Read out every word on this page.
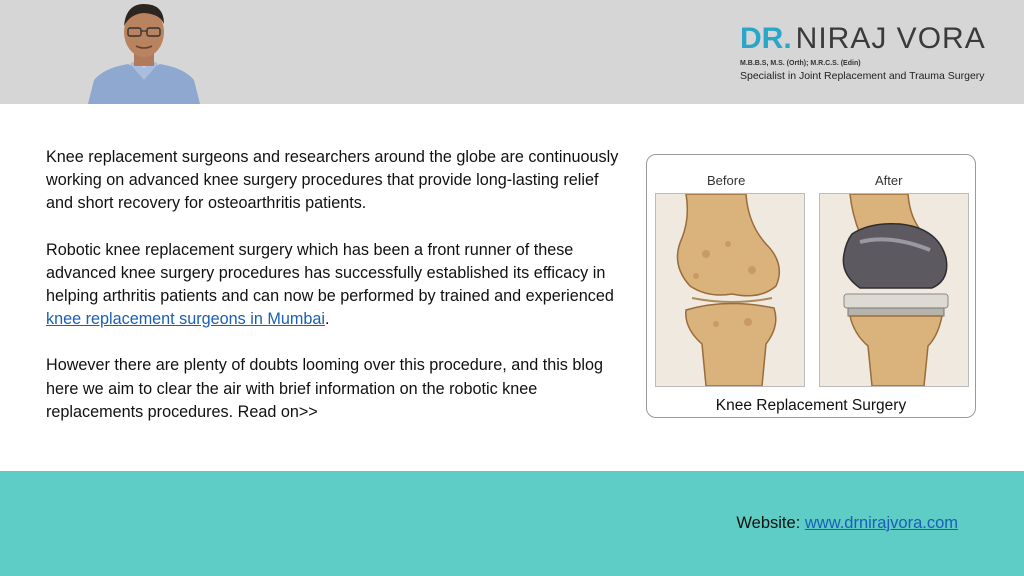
DR. NIRAJ VORA
M.B.B.S, M.S. (Orth); M.R.C.S. (Edin)
Specialist in Joint Replacement and Trauma Surgery

Knee replacement surgeons and researchers around the globe are continuously working on advanced knee surgery procedures that provide long-lasting relief and short recovery for osteoarthritis patients.

Robotic knee replacement surgery which has been a front runner of these advanced knee surgery procedures has successfully established its efficacy in helping arthritis patients and can now be performed by trained and experienced knee replacement surgeons in Mumbai.

However there are plenty of doubts looming over this procedure, and this blog here we aim to clear the air with brief information on the robotic knee replacements procedures. Read on>>

Before	After
Knee Replacement Surgery
Website: www.drnirajvora.com
